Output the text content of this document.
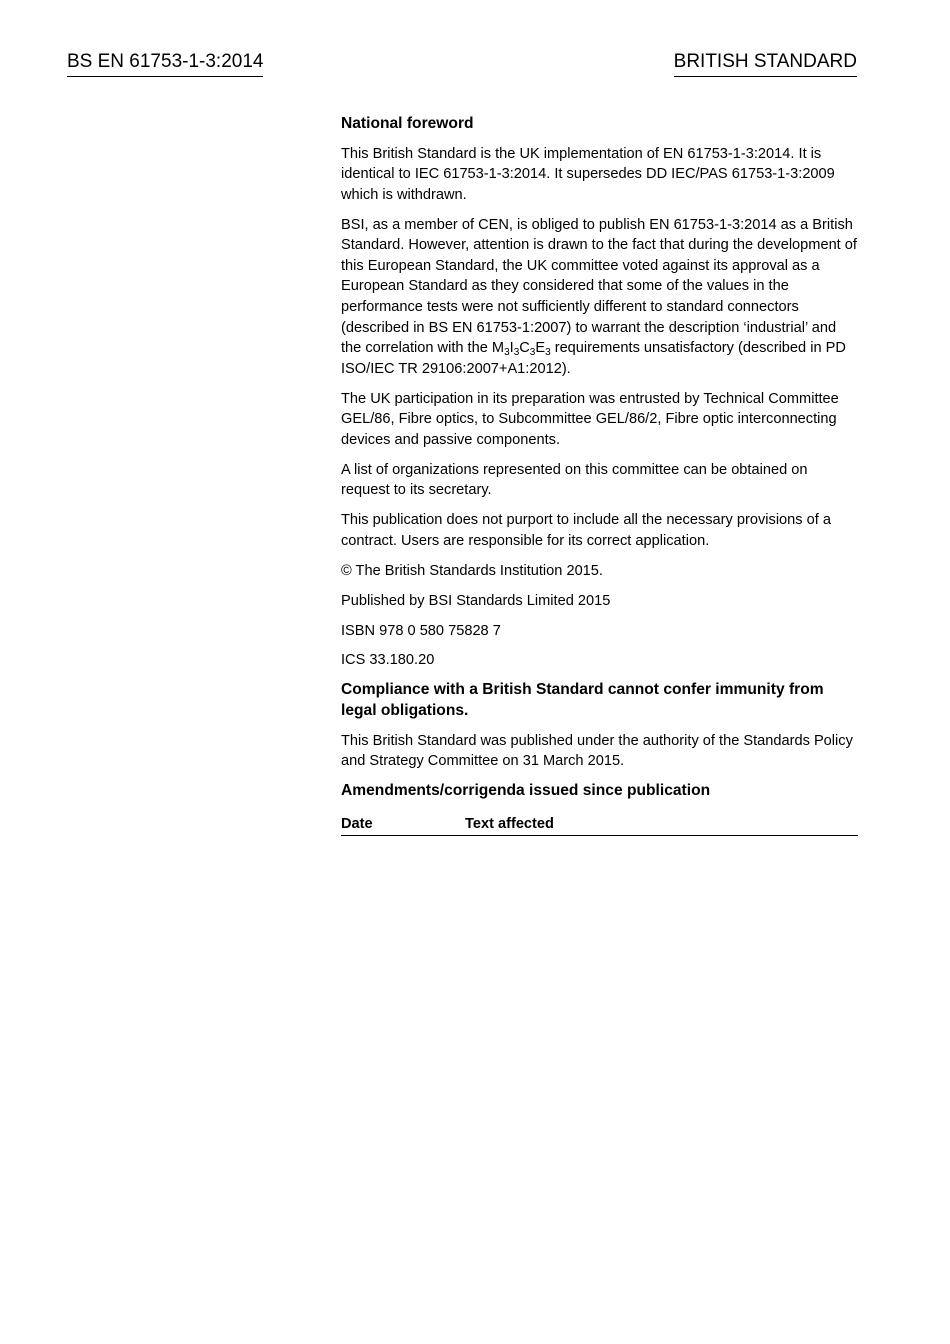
BS EN 61753-1-3:2014	BRITISH STANDARD
National foreword

This British Standard is the UK implementation of EN 61753-1-3:2014. It is identical to IEC 61753-1-3:2014. It supersedes DD IEC/PAS 61753-1-3:2009 which is withdrawn.

BSI, as a member of CEN, is obliged to publish EN 61753-1-3:2014 as a British Standard. However, attention is drawn to the fact that during the development of this European Standard, the UK committee voted against its approval as a European Standard as they considered that some of the values in the performance tests were not sufficiently different to standard connectors (described in BS EN 61753-1:2007) to warrant the description ‘industrial’ and the correlation with the $M_3I_3C_3E_3$ requirements unsatisfactory (described in PD ISO/IEC TR 29106:2007+A1:2012).

The UK participation in its preparation was entrusted by Technical Committee GEL/86, Fibre optics, to Subcommittee GEL/86/2, Fibre optic interconnecting devices and passive components.

A list of organizations represented on this committee can be obtained on request to its secretary.

This publication does not purport to include all the necessary provisions of a contract. Users are responsible for its correct application.

© The British Standards Institution 2015.

Published by BSI Standards Limited 2015

ISBN 978 0 580 75828 7

ICS 33.180.20

Compliance with a British Standard cannot confer immunity from legal obligations.

This British Standard was published under the authority of the Standards Policy and Strategy Committee on 31 March 2015.

Amendments/corrigenda issued since publication
Date	Text affected
